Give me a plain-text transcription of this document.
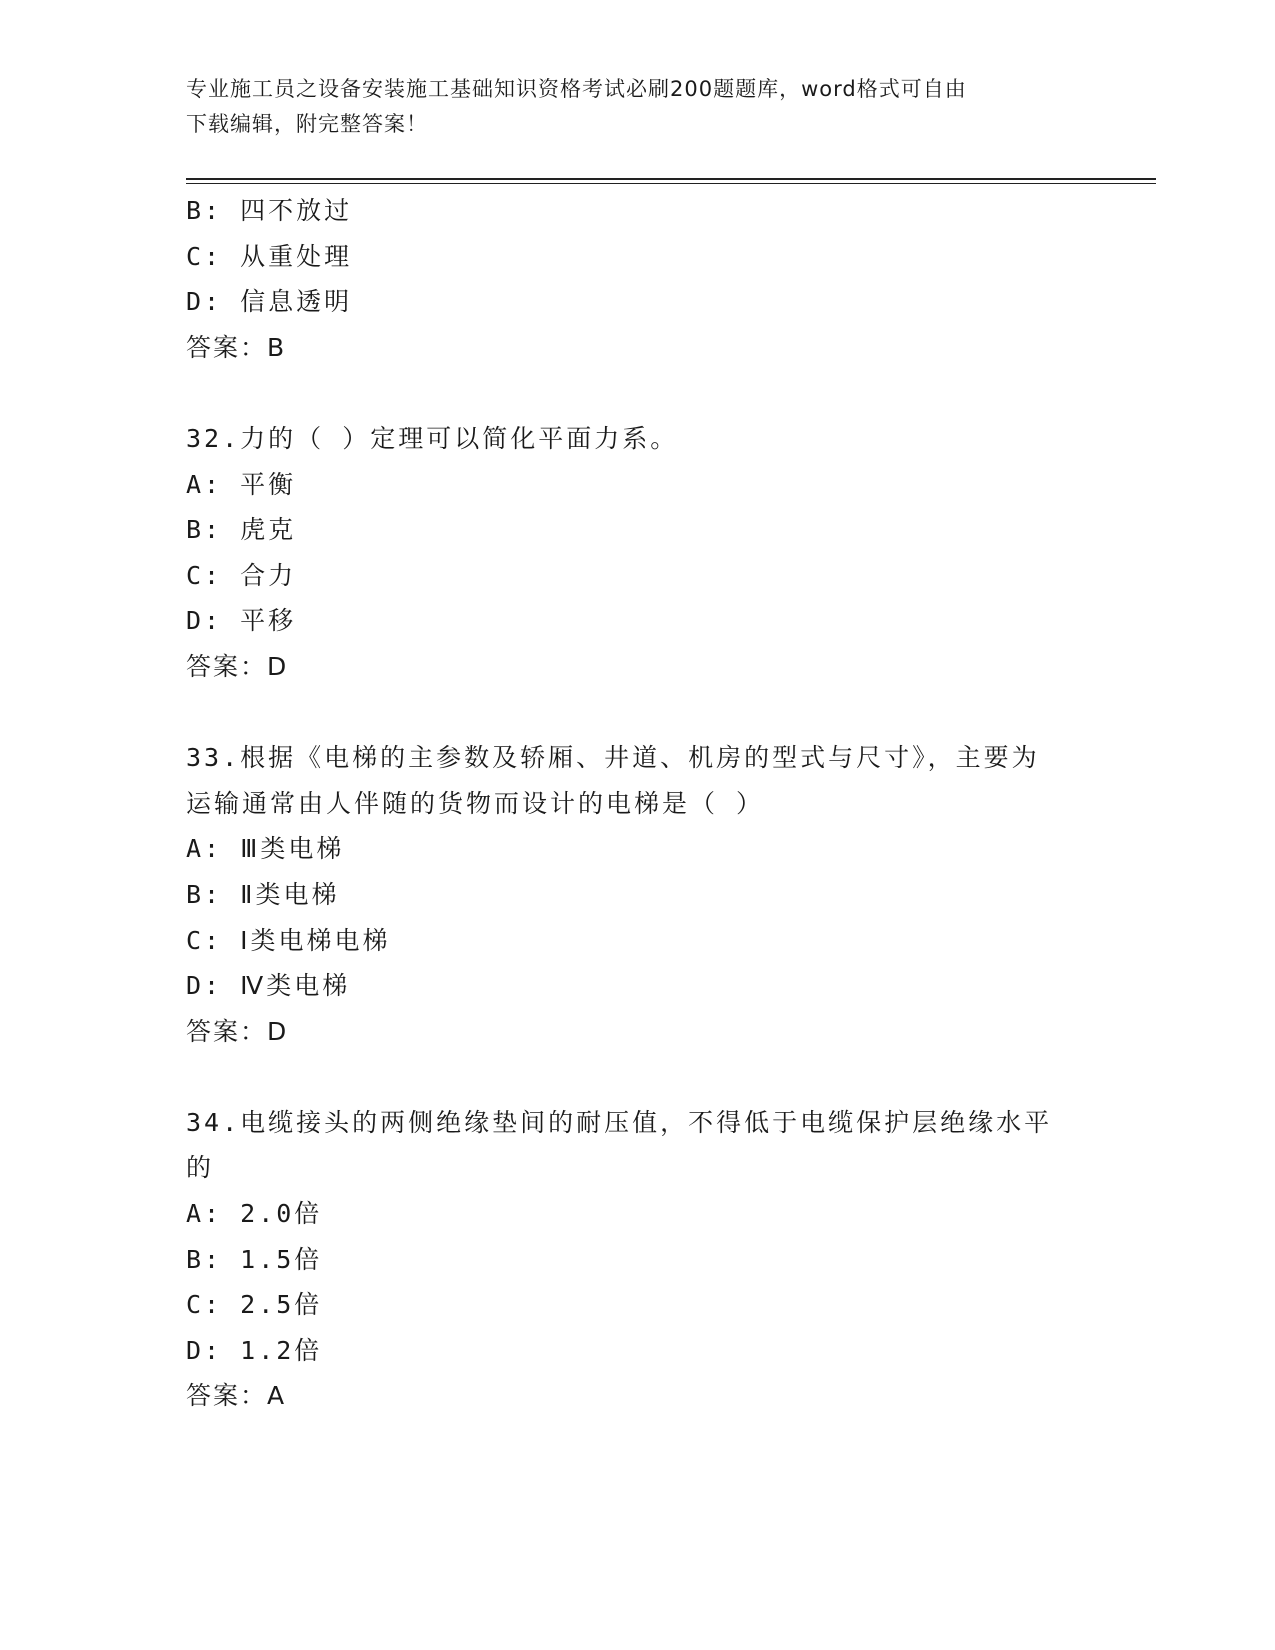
专业施工员之设备安装施工基础知识资格考试必刷200题题库，word格式可自由
下载编辑，附完整答案！
B: 四不放过
C: 从重处理
D: 信息透明
答案：B
32.力的（ ）定理可以简化平面力系。
A: 平衡
B: 虎克
C: 合力
D: 平移
答案：D
33.根据《电梯的主参数及轿厢、井道、机房的型式与尺寸》，主要为
运输通常由人伴随的货物而设计的电梯是（ ）
A: Ⅲ类电梯
B: Ⅱ类电梯
C: Ⅰ类电梯电梯
D: Ⅳ类电梯
答案：D
34.电缆接头的两侧绝缘垫间的耐压值，不得低于电缆保护层绝缘水平
的
A: 2.0倍
B: 1.5倍
C: 2.5倍
D: 1.2倍
答案：A
